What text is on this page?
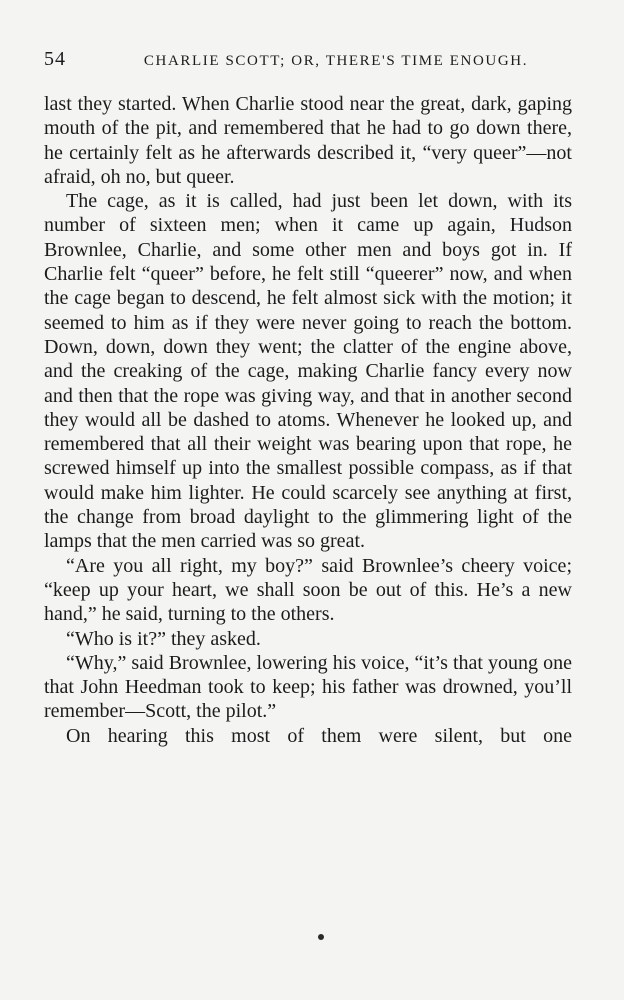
54	CHARLIE SCOTT; OR, THERE'S TIME ENOUGH.

last they started. When Charlie stood near the great, dark, gaping mouth of the pit, and remembered that he had to go down there, he certainly felt as he afterwards described it, “very queer”—not afraid, oh no, but queer.

The cage, as it is called, had just been let down, with its number of sixteen men; when it came up again, Hudson Brownlee, Charlie, and some other men and boys got in. If Charlie felt “queer” before, he felt still “queerer” now, and when the cage began to descend, he felt almost sick with the motion; it seemed to him as if they were never going to reach the bottom. Down, down, down they went; the clatter of the engine above, and the creaking of the cage, making Charlie fancy every now and then that the rope was giving way, and that in another second they would all be dashed to atoms. Whenever he looked up, and remembered that all their weight was bearing upon that rope, he screwed himself up into the smallest possible compass, as if that would make him lighter. He could scarcely see anything at first, the change from broad daylight to the glimmering light of the lamps that the men carried was so great.

“Are you all right, my boy?” said Brownlee’s cheery voice; “keep up your heart, we shall soon be out of this. He’s a new hand,” he said, turning to the others.

“Who is it?” they asked.

“Why,” said Brownlee, lowering his voice, “it’s that young one that John Heedman took to keep; his father was drowned, you’ll remember—Scott, the pilot.”

On hearing this most of them were silent, but one
